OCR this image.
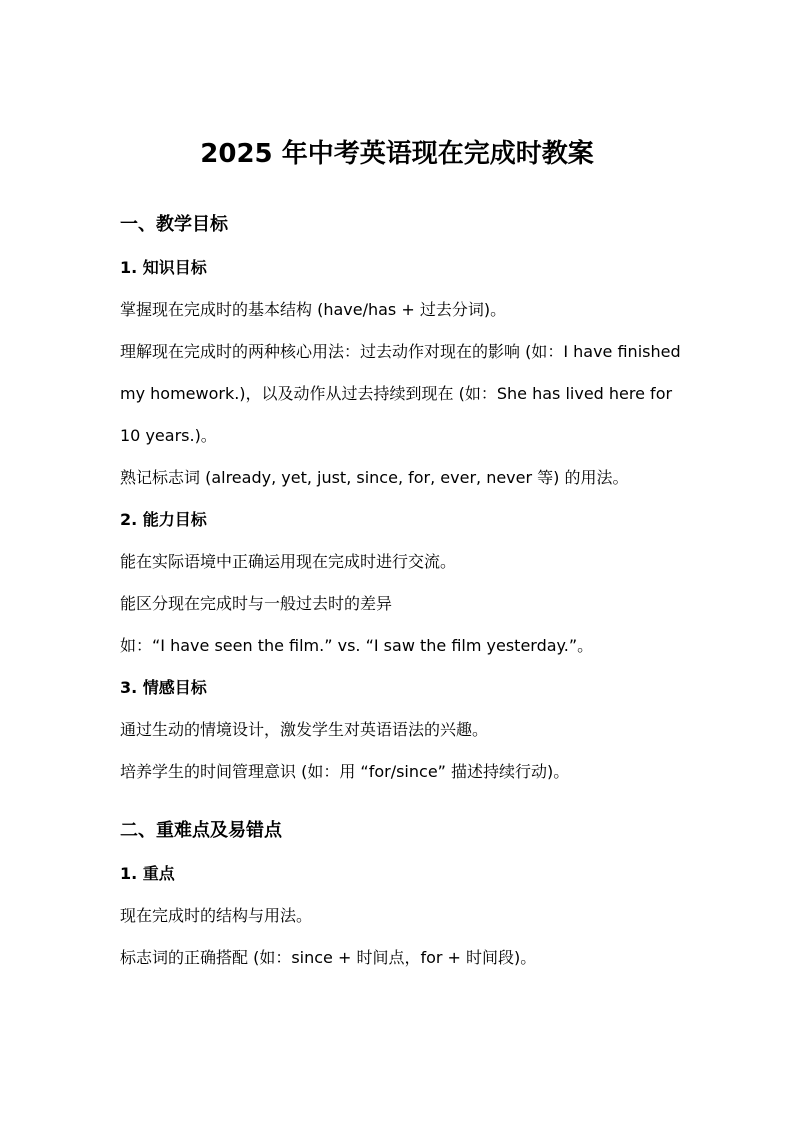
2025 年中考英语现在完成时教案

一、教学目标

1. 知识目标

掌握现在完成时的基本结构 (have/has + 过去分词)。

理解现在完成时的两种核心用法：过去动作对现在的影响 (如：I have finished my homework.)，以及动作从过去持续到现在 (如：She has lived here for 10 years.)。

熟记标志词 (already, yet, just, since, for, ever, never 等) 的用法。

2. 能力目标

能在实际语境中正确运用现在完成时进行交流。

能区分现在完成时与一般过去时的差异

如：“I have seen the film.” vs. “I saw the film yesterday.”。

3. 情感目标

通过生动的情境设计，激发学生对英语语法的兴趣。

培养学生的时间管理意识 (如：用 “for/since” 描述持续行动)。

二、重难点及易错点

1. 重点

现在完成时的结构与用法。

标志词的正确搭配 (如：since + 时间点，for + 时间段)。
